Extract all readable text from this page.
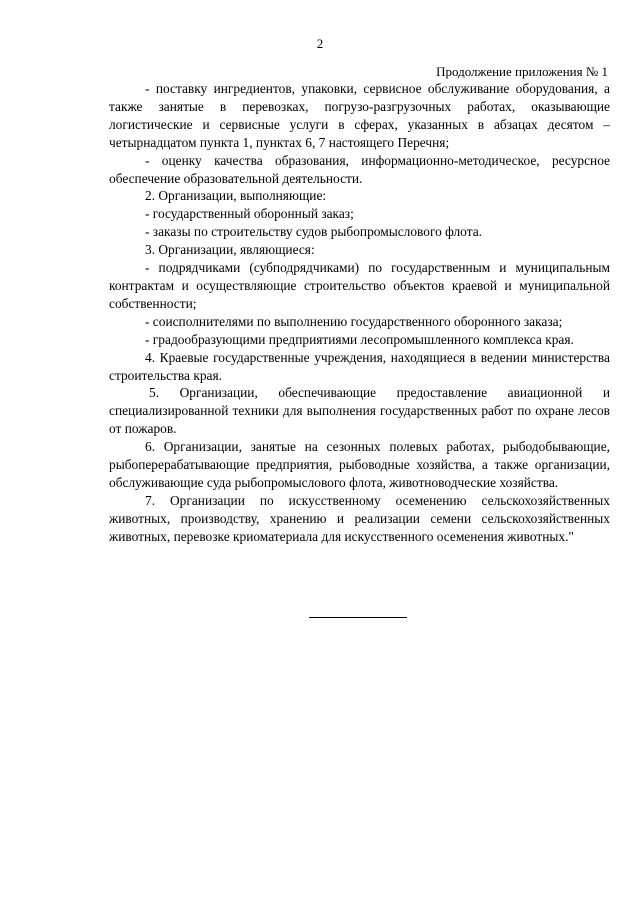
2
Продолжение приложения № 1

- поставку ингредиентов, упаковки, сервисное обслуживание оборудования, а также занятые в перевозках, погрузо-разгрузочных работах, оказывающие логистические и сервисные услуги в сферах, указанных в абзацах десятом – четырнадцатом пункта 1, пунктах 6, 7 настоящего Перечня;

- оценку качества образования, информационно-методическое, ресурсное обеспечение образовательной деятельности.

2. Организации, выполняющие:

- государственный оборонный заказ;

- заказы по строительству судов рыбопромыслового флота.

3. Организации, являющиеся:

- подрядчиками (субподрядчиками) по государственным и муниципальным контрактам и осуществляющие строительство объектов краевой и муниципальной собственности;

- соисполнителями по выполнению государственного оборонного заказа;

- градообразующими предприятиями лесопромышленного комплекса края.

4. Краевые государственные учреждения, находящиеся в ведении министерства строительства края.

5. Организации, обеспечивающие предоставление авиационной и специализированной техники для выполнения государственных работ по охране лесов от пожаров.

6. Организации, занятые на сезонных полевых работах, рыбодобывающие, рыбоперерабатывающие предприятия, рыбоводные хозяйства, а также организации, обслуживающие суда рыбопромыслового флота, животноводческие хозяйства.

7. Организации по искусственному осеменению сельскохозяйственных животных, производству, хранению и реализации семени сельскохозяйственных животных, перевозке криоматериала для искусственного осеменения животных."
